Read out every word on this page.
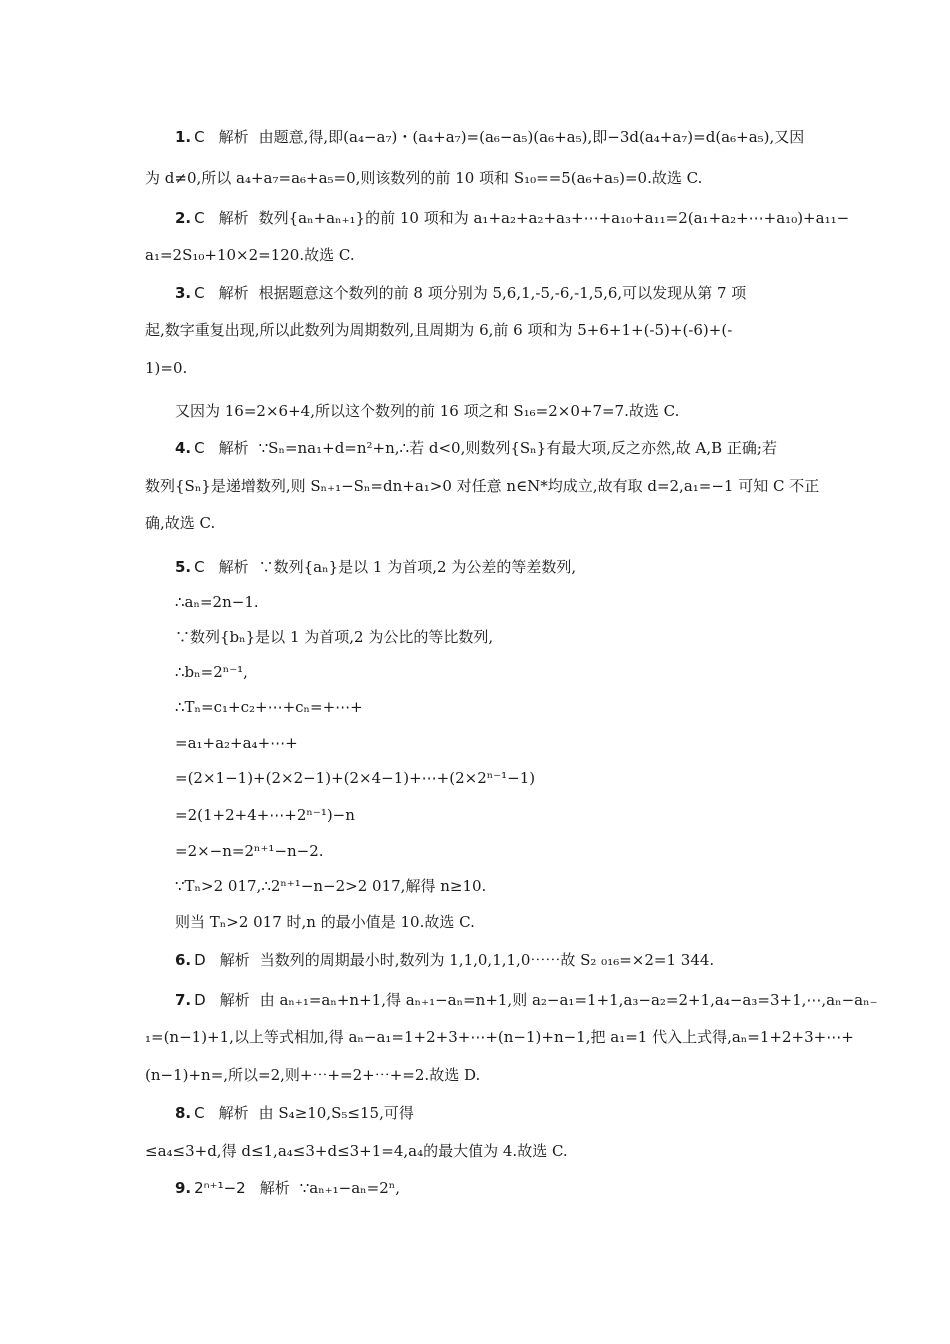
1. C 解析 由题意,得,即(a₄−a₇)・(a₄+a₇)=(a₆−a₅)(a₆+a₅),即−3d(a₄+a₇)=d(a₆+a₅),又因
为 d≠0,所以 a₄+a₇=a₆+a₅=0,则该数列的前 10 项和 S₁₀==5(a₆+a₅)=0.故选 C.
2. C 解析 数列{aₙ+aₙ₊₁}的前 10 项和为 a₁+a₂+a₂+a₃+⋯+a₁₀+a₁₁=2(a₁+a₂+⋯+a₁₀)+a₁₁−
a₁=2S₁₀+10×2=120.故选 C.
3. C 解析 根据题意这个数列的前 8 项分别为 5,6,1,-5,-6,-1,5,6,可以发现从第 7 项
起,数字重复出现,所以此数列为周期数列,且周期为 6,前 6 项和为 5+6+1+(-5)+(-6)+(-
1)=0.
又因为 16=2×6+4,所以这个数列的前 16 项之和 S₁₆=2×0+7=7.故选 C.
4. C 解析 ∵Sₙ=na₁+d=n²+n,∴若 d<0,则数列{Sₙ}有最大项,反之亦然,故 A,B 正确;若
数列{Sₙ}是递增数列,则 Sₙ₊₁−Sₙ=dn+a₁>0 对任意 n∈N*均成立,故有取 d=2,a₁=−1 可知 C 不正
确,故选 C.
5. C 解析 ∵数列{aₙ}是以 1 为首项,2 为公差的等差数列,
∴aₙ=2n−1.
∵数列{bₙ}是以 1 为首项,2 为公比的等比数列,
∴bₙ=2ⁿ⁻¹,
∴Tₙ=c₁+c₂+⋯+cₙ=+⋯+
=a₁+a₂+a₄+⋯+
=(2×1−1)+(2×2−1)+(2×4−1)+⋯+(2×2ⁿ⁻¹−1)
=2(1+2+4+⋯+2ⁿ⁻¹)−n
=2×−n=2ⁿ⁺¹−n−2.
∵Tₙ>2 017,∴2ⁿ⁺¹−n−2>2 017,解得 n≥10.
则当 Tₙ>2 017 时,n 的最小值是 10.故选 C.
6. D 解析 当数列的周期最小时,数列为 1,1,0,1,1,0⋯⋯故 S₂ ₀₁₆=×2=1 344.
7. D 解析 由 aₙ₊₁=aₙ+n+1,得 aₙ₊₁−aₙ=n+1,则 a₂−a₁=1+1,a₃−a₂=2+1,a₄−a₃=3+1,⋯,aₙ−aₙ₋
₁=(n−1)+1,以上等式相加,得 aₙ−a₁=1+2+3+⋯+(n−1)+n−1,把 a₁=1 代入上式得,aₙ=1+2+3+⋯+
(n−1)+n=,所以=2,则+⋯+=2+⋯+=2.故选 D.
8. C 解析 由 S₄≥10,S₅≤15,可得
≤a₄≤3+d,得 d≤1,a₄≤3+d≤3+1=4,a₄的最大值为 4.故选 C.
9. 2ⁿ⁺¹−2 解析 ∵aₙ₊₁−aₙ=2ⁿ,
